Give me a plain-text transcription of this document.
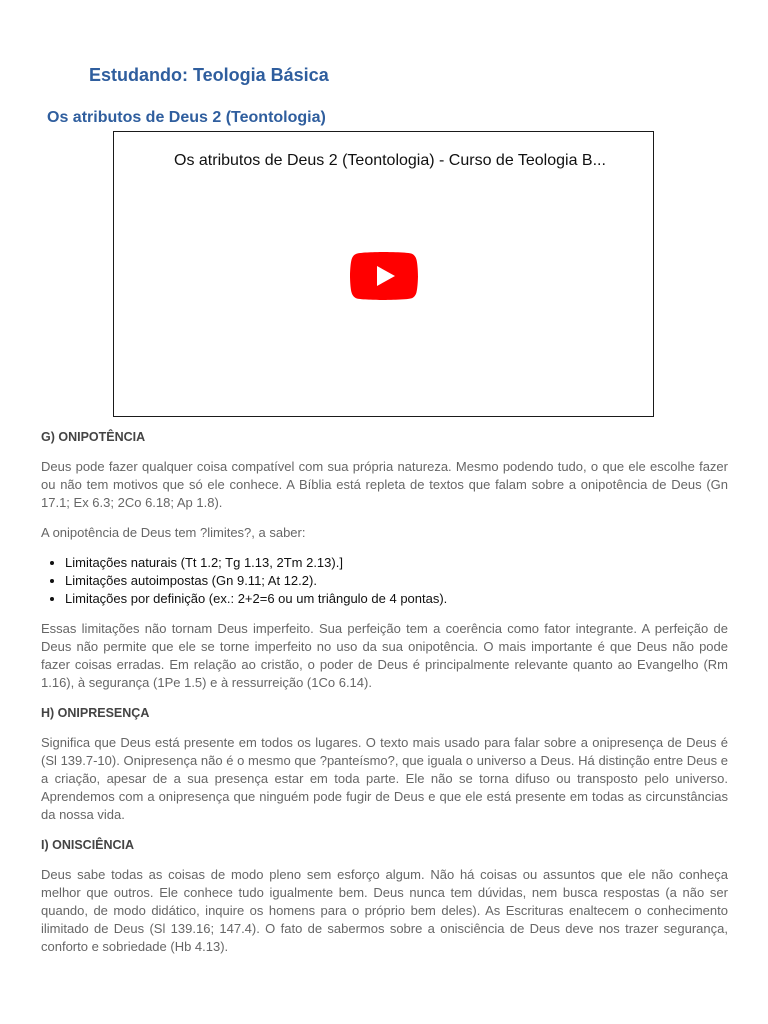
Estudando: Teologia Básica
Os atributos de Deus 2 (Teontologia)
Os atributos de Deus 2 (Teontologia) - Curso de Teologia B...
G) ONIPOTÊNCIA

Deus pode fazer qualquer coisa compatível com sua própria natureza. Mesmo podendo tudo, o que ele escolhe fazer ou não tem motivos que só ele conhece. A Bíblia está repleta de textos que falam sobre a onipotência de Deus (Gn 17.1; Ex 6.3; 2Co 6.18; Ap 1.8).

A onipotência de Deus tem ?limites?, a saber:

• Limitações naturais (Tt 1.2; Tg 1.13, 2Tm 2.13).]
• Limitações autoimpostas (Gn 9.11; At 12.2).
• Limitações por definição (ex.: 2+2=6 ou um triângulo de 4 pontas).

Essas limitações não tornam Deus imperfeito. Sua perfeição tem a coerência como fator integrante. A perfeição de Deus não permite que ele se torne imperfeito no uso da sua onipotência. O mais importante é que Deus não pode fazer coisas erradas. Em relação ao cristão, o poder de Deus é principalmente relevante quanto ao Evangelho (Rm 1.16), à segurança (1Pe 1.5) e à ressurreição (1Co 6.14).

H) ONIPRESENÇA

Significa que Deus está presente em todos os lugares. O texto mais usado para falar sobre a onipresença de Deus é (Sl 139.7-10). Onipresença não é o mesmo que ?panteísmo?, que iguala o universo a Deus. Há distinção entre Deus e a criação, apesar de a sua presença estar em toda parte. Ele não se torna difuso ou transposto pelo universo. Aprendemos com a onipresença que ninguém pode fugir de Deus e que ele está presente em todas as circunstâncias da nossa vida.

I) ONISCIÊNCIA

Deus sabe todas as coisas de modo pleno sem esforço algum. Não há coisas ou assuntos que ele não conheça melhor que outros. Ele conhece tudo igualmente bem. Deus nunca tem dúvidas, nem busca respostas (a não ser quando, de modo didático, inquire os homens para o próprio bem deles). As Escrituras enaltecem o conhecimento ilimitado de Deus (Sl 139.16; 147.4). O fato de sabermos sobre a onisciência de Deus deve nos trazer segurança, conforto e sobriedade (Hb 4.13).
